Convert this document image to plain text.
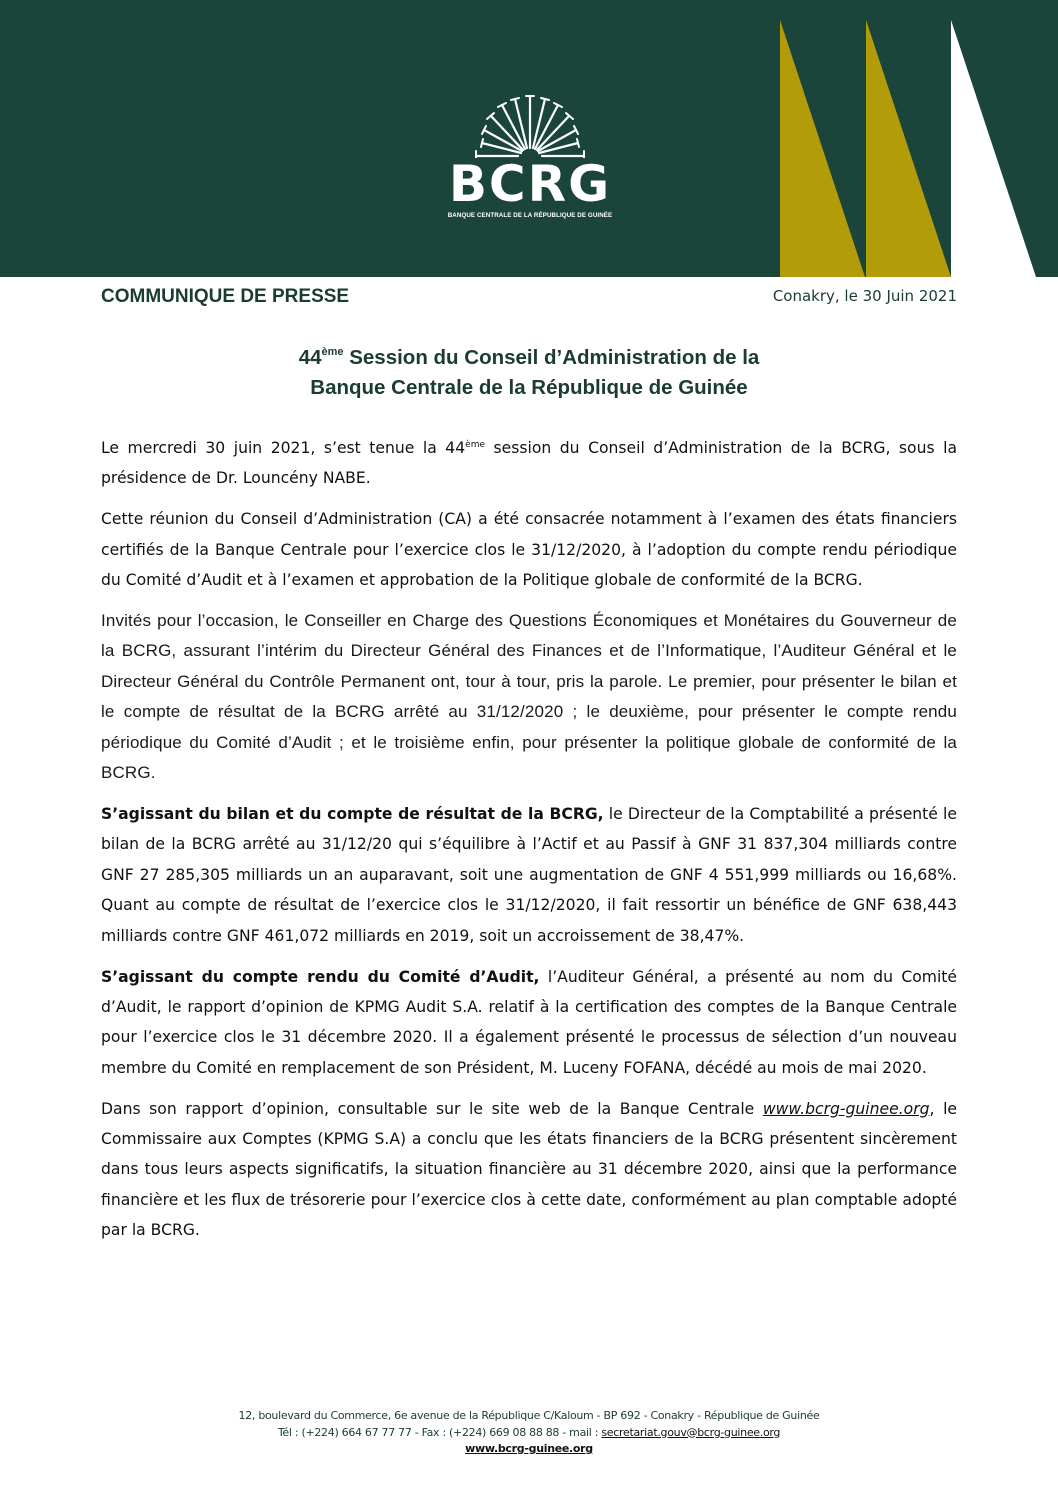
BCRG
BANQUE CENTRALE DE LA RÉPUBLIQUE DE GUINÉE
COMMUNIQUE DE PRESSE	Conakry, le 30 Juin 2021
44ème Session du Conseil d’Administration de la
Banque Centrale de la République de Guinée

Le mercredi 30 juin 2021, s’est tenue la 44ème session du Conseil d’Administration de la BCRG, sous la présidence de Dr. Louncény NABE.

Cette réunion du Conseil d’Administration (CA) a été consacrée notamment à l’examen des états financiers certifiés de la Banque Centrale pour l’exercice clos le 31/12/2020, à l’adoption du compte rendu périodique du Comité d’Audit et à l’examen et approbation de la Politique globale de conformité de la BCRG.

Invités pour l’occasion, le Conseiller en Charge des Questions Économiques et Monétaires du Gouverneur de la BCRG, assurant l’intérim du Directeur Général des Finances et de l’Informatique, l’Auditeur Général et le Directeur Général du Contrôle Permanent ont, tour à tour, pris la parole. Le premier, pour présenter le bilan et le compte de résultat de la BCRG arrêté au 31/12/2020 ; le deuxième, pour présenter le compte rendu périodique du Comité d’Audit ; et le troisième enfin, pour présenter la politique globale de conformité de la BCRG.

S’agissant du bilan et du compte de résultat de la BCRG, le Directeur de la Comptabilité a présenté le bilan de la BCRG arrêté au 31/12/20 qui s’équilibre à l’Actif et au Passif à GNF 31 837,304 milliards contre GNF 27 285,305 milliards un an auparavant, soit une augmentation de GNF 4 551,999 milliards ou 16,68%. Quant au compte de résultat de l’exercice clos le 31/12/2020, il fait ressortir un bénéfice de GNF 638,443 milliards contre GNF 461,072 milliards en 2019, soit un accroissement de 38,47%.

S’agissant du compte rendu du Comité d’Audit, l’Auditeur Général, a présenté au nom du Comité d’Audit, le rapport d’opinion de KPMG Audit S.A. relatif à la certification des comptes de la Banque Centrale pour l’exercice clos le 31 décembre 2020. Il a également présenté le processus de sélection d’un nouveau membre du Comité en remplacement de son Président, M. Luceny FOFANA, décédé au mois de mai 2020.

Dans son rapport d’opinion, consultable sur le site web de la Banque Centrale www.bcrg-guinee.org, le Commissaire aux Comptes (KPMG S.A) a conclu que les états financiers de la BCRG présentent sincèrement dans tous leurs aspects significatifs, la situation financière au 31 décembre 2020, ainsi que la performance financière et les flux de trésorerie pour l’exercice clos à cette date, conformément au plan comptable adopté par la BCRG.

12, boulevard du Commerce, 6e avenue de la République C/Kaloum - BP 692 - Conakry - République de Guinée
Tél : (+224) 664 67 77 77 - Fax : (+224) 669 08 88 88 - mail : secretariat.gouv@bcrg-guinee.org
www.bcrg-guinee.org
